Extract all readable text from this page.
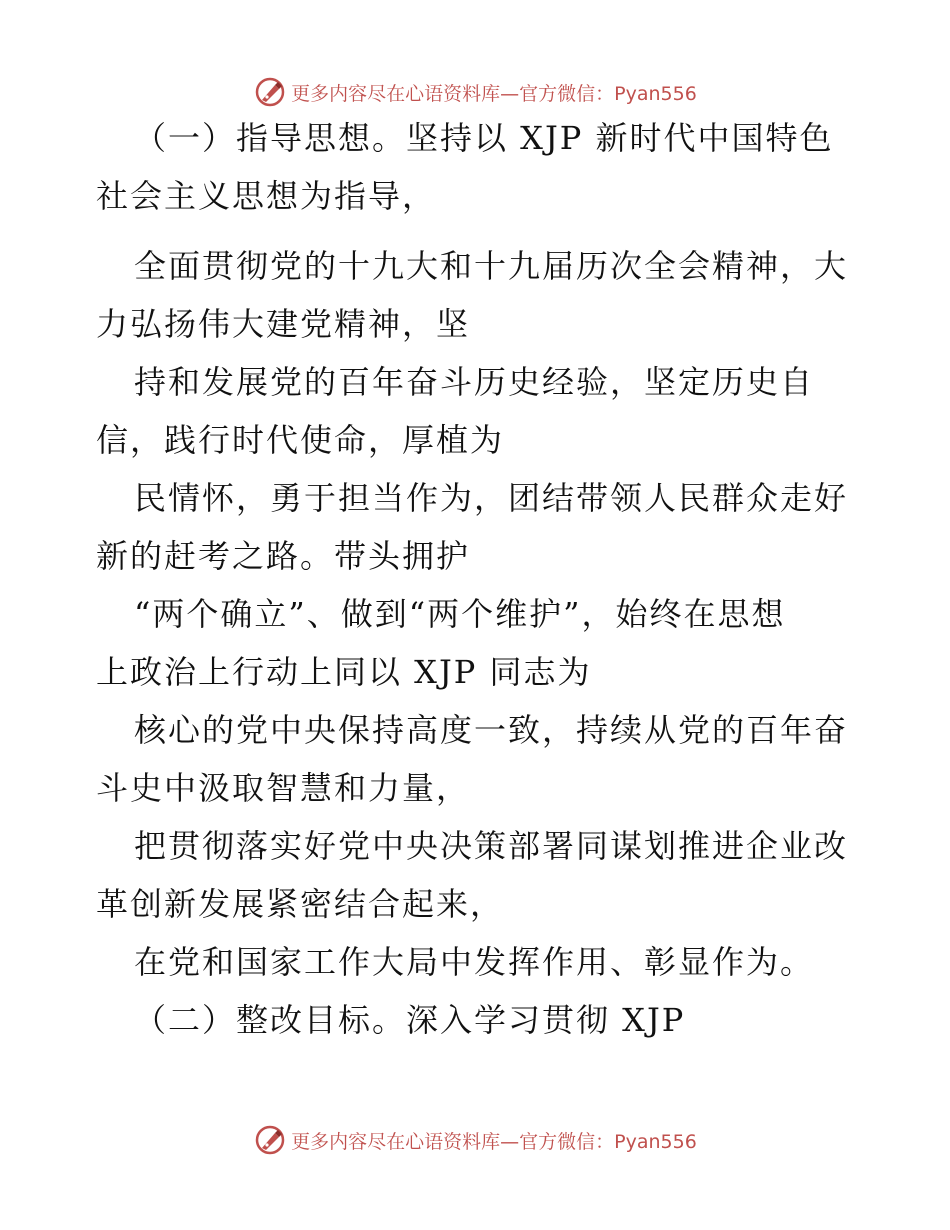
更多内容尽在心语资料库—官方微信：Pyan556
（一）指导思想。坚持以 XJP 新时代中国特色
社会主义思想为指导，
全面贯彻党的十九大和十九届历次全会精神，大
力弘扬伟大建党精神，坚
持和发展党的百年奋斗历史经验，坚定历史自
信，践行时代使命，厚植为
民情怀，勇于担当作为，团结带领人民群众走好
新的赶考之路。带头拥护
“两个确立”、做到“两个维护”，始终在思想
上政治上行动上同以 XJP 同志为
核心的党中央保持高度一致，持续从党的百年奋
斗史中汲取智慧和力量，
把贯彻落实好党中央决策部署同谋划推进企业改
革创新发展紧密结合起来，
在党和国家工作大局中发挥作用、彰显作为。
（二）整改目标。深入学习贯彻 XJP
更多内容尽在心语资料库—官方微信：Pyan556
